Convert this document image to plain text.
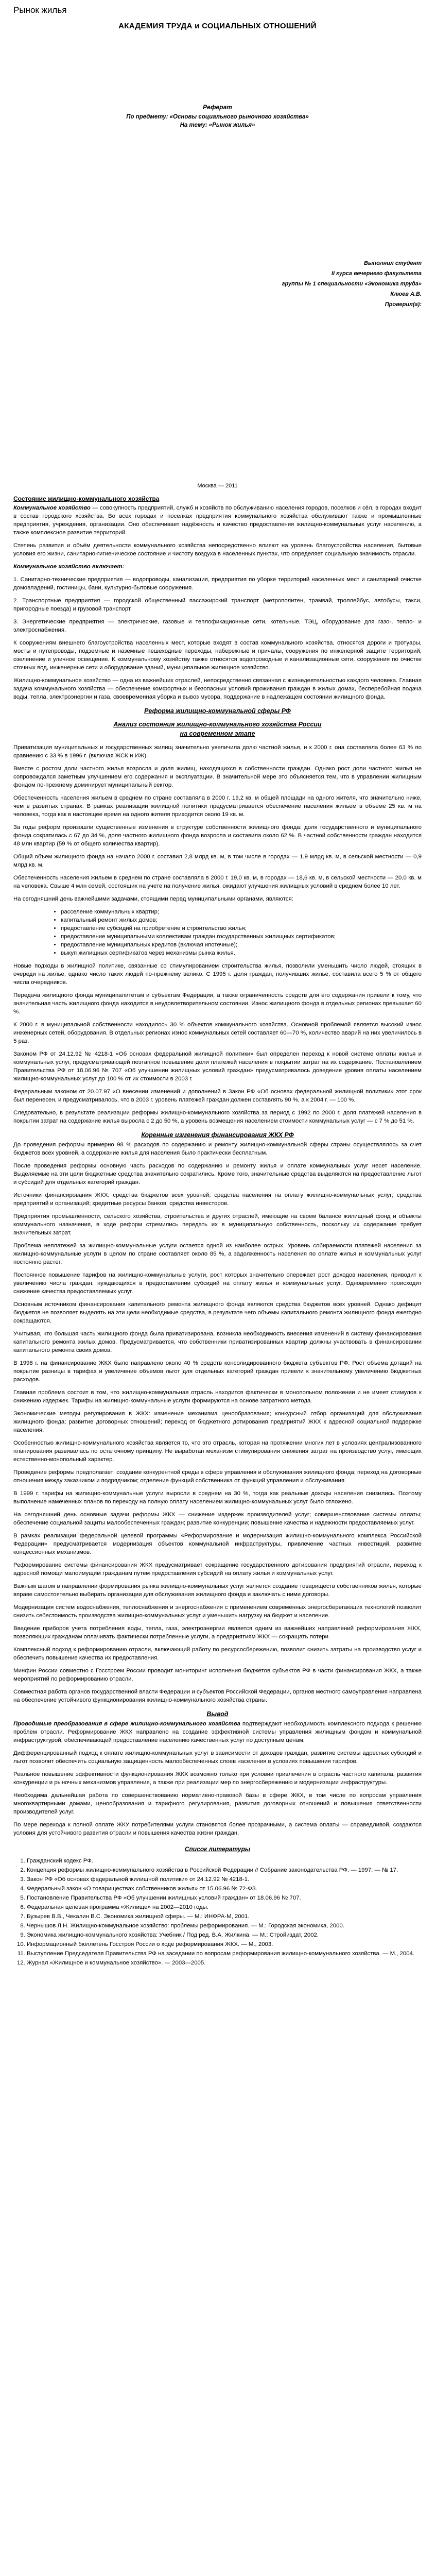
Рынок жилья
АКАДЕМИЯ ТРУДА и СОЦИАЛЬНЫХ ОТНОШЕНИЙ
Реферат
По предмету: «Основы социального рыночного хозяйства»
На тему: «Рынок жилья»
Выполнил студент
II курса вечернего факультета
группы № 1 специальности «Экономика труда»
Клюев А.В.
Проверил(а):
Москва — 2011
Состояние жилищно-коммунального хозяйства

Коммунальное хозяйство — совокупность предприятий, служб и хозяйств по обслуживанию населения городов, поселков и сёл, в городах входит в состав городского хозяйства. Во всех городах и поселках предприятия коммунального хозяйства обслуживают также и промышленные предприятия, учреждения, организации. Оно обеспечивает надёжность и качество предоставления жилищно-коммунальных услуг населению, а также комплексное развитие территорий.

Степень развития и объём деятельности коммунального хозяйства непосредственно влияют на уровень благоустройства населения, бытовые условия его жизни, санитарно-гигиеническое состояние и чистоту воздуха в населенных пунктах, что определяет социальную значимость отрасли.

Коммунальное хозяйство включает:

1. Санитарно-технические предприятия — водопроводы, канализация, предприятия по уборке территорий населенных мест и санитарной очистке домовладений, гостиницы, бани, культурно-бытовые сооружения.

2. Транспортные предприятия — городской общественный пассажирский транспорт (метрополитен, трамвай, троллейбус, автобусы, такси, пригородные поезда) и грузовой транспорт.

3. Энергетические предприятия — электрические, газовые и теплофикационные сети, котельные, ТЭЦ, оборудование для газо-, тепло- и электроснабжения.

К сооружениям внешнего благоустройства населенных мест, которые входят в состав коммунального хозяйства, относятся дороги и тротуары, мосты и путепроводы, подземные и наземные пешеходные переходы, набережные и причалы, сооружения по инженерной защите территорий, озеленение и уличное освещение. К коммунальному хозяйству также относятся водопроводные и канализационные сети, сооружения по очистке сточных вод, инженерные сети и оборудование зданий, муниципальное жилищное хозяйство.

Жилищно-коммунальное хозяйство — одна из важнейших отраслей, непосредственно связанная с жизнедеятельностью каждого человека. Главная задача коммунального хозяйства — обеспечение комфортных и безопасных условий проживания граждан в жилых домах, бесперебойная подача воды, тепла, электроэнергии и газа, своевременная уборка и вывоз мусора, поддержание в надлежащем состоянии жилищного фонда.

Реформа жилищно-коммунальной сферы РФ
Анализ состояния жилищно-коммунального хозяйства России
на современном этапе

Приватизация муниципальных и государственных жилищ значительно увеличила долю частной жилья, и к 2000 г. она составляла более 63 % по сравнению с 33 % в 1996 г. (включая ЖСК и ИЖ).

Вместе с ростом доли частного жилья возросла и доля жилищ, находящихся в собственности граждан. Однако рост доли частного жилья не сопровождался заметным улучшением его содержания и эксплуатации. В значительной мере это объясняется тем, что в управлении жилищным фондом по-прежнему доминирует муниципальный сектор.

Обеспеченность населения жильем в среднем по стране составляла в 2000 г. 19,2 кв. м общей площади на одного жителя, что значительно ниже, чем в развитых странах. В рамках реализации жилищной политики предусматривается обеспечение населения жильем в объеме 25 кв. м на человека, тогда как в настоящее время на одного жителя приходится около 19 кв. м.

За годы реформ произошли существенные изменения в структуре собственности жилищного фонда: доля государственного и муниципального фонда сократилась с 67 до 34 %, доля частного жилищного фонда возросла и составила около 62 %. В частной собственности граждан находится 48 млн квартир (59 % от общего количества квартир).

Общий объем жилищного фонда на начало 2000 г. составил 2,8 млрд кв. м, в том числе в городах — 1,9 млрд кв. м, в сельской местности — 0,9 млрд кв. м.

Обеспеченность населения жильем в среднем по стране составляла в 2000 г. 19,0 кв. м, в городах — 18,6 кв. м, в сельской местности — 20,0 кв. м на человека. Свыше 4 млн семей, состоящих на учете на получение жилья, ожидают улучшения жилищных условий в среднем более 10 лет.

На сегодняшний день важнейшими задачами, стоящими перед муниципальными органами, являются:

• расселение коммунальных квартир;
• капитальный ремонт жилых домов;
• предоставление субсидий на приобретение и строительство жилья;
• предоставление муниципальными коллективам граждан государственных жилищных сертификатов;
• предоставление муниципальных кредитов (включая ипотечные);
• выкуп жилищных сертификатов через механизмы рынка жилья.

Новые подходы в жилищной политике, связанные со стимулированием строительства жилья, позволили уменьшить число людей, стоящих в очереди на жилье, однако число таких людей по-прежнему велико. С 1995 г. доля граждан, получивших жилье, составила всего 5 % от общего числа очередников.

Передача жилищного фонда муниципалитетам и субъектам Федерации, а также ограниченность средств для его содержания привели к тому, что значительная часть жилищного фонда находится в неудовлетворительном состоянии. Износ жилищного фонда в отдельных регионах превышает 60 %.

К 2000 г. в муниципальной собственности находилось 30 % объектов коммунального хозяйства. Основной проблемой является высокий износ инженерных сетей, оборудования. В отдельных регионах износ коммунальных сетей составляет 60—70 %, количество аварий на них увеличилось в 5 раз.

Законом РФ от 24.12.92 № 4218-1 «Об основах федеральной жилищной политики» был определен переход к новой системе оплаты жилья и коммунальных услуг, предусматривающей поэтапное повышение доли платежей населения в покрытии затрат на их содержание. Постановлением Правительства РФ от 18.06.96 № 707 «Об улучшении жилищных условий граждан» предусматривалось доведение уровня оплаты населением жилищно-коммунальных услуг до 100 % от их стоимости в 2003 г.

Федеральным законом от 20.07.97 «О внесении изменений и дополнений в Закон РФ «Об основах федеральной жилищной политики» этот срок был перенесен, и предусматривалось, что в 2003 г. уровень платежей граждан должен составлять 90 %, а к 2004 г. — 100 %.

Следовательно, в результате реализации реформы жилищно-коммунального хозяйства за период с 1992 по 2000 г. доля платежей населения в покрытии затрат на содержание жилья выросла с 2 до 50 %, а уровень возмещения населением стоимости коммунальных услуг — с 7 % до 51 %.

Коренные изменения финансирования ЖКХ РФ

До проведения реформы примерно 98 % расходов по содержанию и ремонту жилищно-коммунальной сферы страны осуществлялось за счет бюджетов всех уровней, а содержание жилья для населения было практически бесплатным.

После проведения реформы основную часть расходов по содержанию и ремонту жилья и оплате коммунальных услуг несет население. Выделяемые на эти цели бюджетные средства значительно сократились. Кроме того, значительные средства выделяются на предоставление льгот и субсидий для отдельных категорий граждан.

Источники финансирования ЖКХ: средства бюджетов всех уровней; средства населения на оплату жилищно-коммунальных услуг; средства предприятий и организаций; кредитные ресурсы банков; средства инвесторов.

Предприятия промышленности, сельского хозяйства, строительства и других отраслей, имеющие на своем балансе жилищный фонд и объекты коммунального назначения, в ходе реформ стремились передать их в муниципальную собственность, поскольку их содержание требует значительных затрат.

Проблема неплатежей за жилищно-коммунальные услуги остается одной из наиболее острых. Уровень собираемости платежей населения за жилищно-коммунальные услуги в целом по стране составляет около 85 %, а задолженность населения по оплате жилья и коммунальных услуг постоянно растет.

Постоянное повышение тарифов на жилищно-коммунальные услуги, рост которых значительно опережает рост доходов населения, приводит к увеличению числа граждан, нуждающихся в предоставлении субсидий на оплату жилья и коммунальных услуг. Одновременно происходит снижение качества предоставляемых услуг.

Основным источником финансирования капитального ремонта жилищного фонда являются средства бюджетов всех уровней. Однако дефицит бюджетов не позволяет выделять на эти цели необходимые средства, в результате чего объемы капитального ремонта жилищного фонда ежегодно сокращаются.

Учитывая, что большая часть жилищного фонда была приватизирована, возникла необходимость внесения изменений в систему финансирования капитального ремонта жилых домов. Предусматривается, что собственники приватизированных квартир должны участвовать в финансировании капитального ремонта своих домов.

В 1998 г. на финансирование ЖКХ было направлено около 40 % средств консолидированного бюджета субъектов РФ. Рост объема дотаций на покрытие разницы в тарифах и увеличение объемов льгот для отдельных категорий граждан привели к значительному увеличению бюджетных расходов.

Главная проблема состоит в том, что жилищно-коммунальная отрасль находится фактически в монопольном положении и не имеет стимулов к снижению издержек. Тарифы на жилищно-коммунальные услуги формируются на основе затратного метода.

Экономические методы регулирования в ЖКХ: изменение механизма ценообразования; конкурсный отбор организаций для обслуживания жилищного фонда; развитие договорных отношений; переход от бюджетного дотирования предприятий ЖКХ к адресной социальной поддержке населения.

Особенностью жилищно-коммунального хозяйства является то, что это отрасль, которая на протяжении многих лет в условиях централизованного планирования развивалась по остаточному принципу. Не выработан механизм стимулирования снижения затрат на производство услуг, имеющих естественно-монопольный характер.

Проведение реформы предполагает: создание конкурентной среды в сфере управления и обслуживания жилищного фонда; переход на договорные отношения между заказчиком и подрядчиком; отделение функций собственника от функций управления и обслуживания.

В 1999 г. тарифы на жилищно-коммунальные услуги выросли в среднем на 30 %, тогда как реальные доходы населения снизились. Поэтому выполнение намеченных планов по переходу на полную оплату населением жилищно-коммунальных услуг было отложено.

На сегодняшний день основные задачи реформы ЖКХ — снижение издержек производителей услуг; совершенствование системы оплаты; обеспечение социальной защиты малообеспеченных граждан; развитие конкуренции; повышение качества и надежности предоставляемых услуг.

В рамках реализации федеральной целевой программы «Реформирование и модернизация жилищно-коммунального комплекса Российской Федерации» предусматривается модернизация объектов коммунальной инфраструктуры, привлечение частных инвестиций, развитие концессионных механизмов.

Реформирование системы финансирования ЖКХ предусматривает сокращение государственного дотирования предприятий отрасли, переход к адресной помощи малоимущим гражданам путем предоставления субсидий на оплату жилья и коммунальных услуг.

Важным шагом в направлении формирования рынка жилищно-коммунальных услуг является создание товариществ собственников жилья, которые вправе самостоятельно выбирать организации для обслуживания жилищного фонда и заключать с ними договоры.

Модернизация систем водоснабжения, теплоснабжения и энергоснабжения с применением современных энергосберегающих технологий позволит снизить себестоимость производства жилищно-коммунальных услуг и уменьшить нагрузку на бюджет и население.

Введение приборов учета потребления воды, тепла, газа, электроэнергии является одним из важнейших направлений реформирования ЖКХ, позволяющих гражданам оплачивать фактически потребленные услуги, а предприятиям ЖКХ — сокращать потери.

Комплексный подход к реформированию отрасли, включающий работу по ресурсосбережению, позволит снизить затраты на производство услуг и обеспечить повышение качества их предоставления.

Минфин России совместно с Госстроем России проводит мониторинг исполнения бюджетов субъектов РФ в части финансирования ЖКХ, а также мероприятий по реформированию отрасли.

Совместная работа органов государственной власти Федерации и субъектов Российской Федерации, органов местного самоуправления направлена на обеспечение устойчивого функционирования жилищно-коммунального хозяйства страны.

Вывод

Проводимые преобразования в сфере жилищно-коммунального хозяйства подтверждают необходимость комплексного подхода к решению проблем отрасли. Реформирование ЖКХ направлено на создание эффективной системы управления жилищным фондом и коммунальной инфраструктурой, обеспечивающей предоставление населению качественных услуг по доступным ценам.

Дифференцированный подход к оплате жилищно-коммунальных услуг в зависимости от доходов граждан, развитие системы адресных субсидий и льгот позволит обеспечить социальную защищенность малообеспеченных слоев населения в условиях повышения тарифов.

Реальное повышение эффективности функционирования ЖКХ возможно только при условии привлечения в отрасль частного капитала, развития конкуренции и рыночных механизмов управления, а также при реализации мер по энергосбережению и модернизации инфраструктуры.

Необходима дальнейшая работа по совершенствованию нормативно-правовой базы в сфере ЖКХ, в том числе по вопросам управления многоквартирными домами, ценообразования и тарифного регулирования, развития договорных отношений и повышения ответственности производителей услуг.

По мере перехода к полной оплате ЖКУ потребителями услуги становятся более прозрачными, а система оплаты — справедливой, создаются условия для устойчивого развития отрасли и повышения качества жизни граждан.

Список литературы
1. Гражданский кодекс РФ.
2. Концепция реформы жилищно-коммунального хозяйства в Российской Федерации // Собрание законодательства РФ. — 1997. — № 17.
3. Закон РФ «Об основах федеральной жилищной политики» от 24.12.92 № 4218-1.
4. Федеральный закон «О товариществах собственников жилья» от 15.06.96 № 72-ФЗ.
5. Постановление Правительства РФ «Об улучшении жилищных условий граждан» от 18.06.96 № 707.
6. Федеральная целевая программа «Жилище» на 2002—2010 годы.
7. Бузырев В.В., Чекалин В.С. Экономика жилищной сферы. — М.: ИНФРА-М, 2001.
8. Чернышов Л.Н. Жилищно-коммунальное хозяйство: проблемы реформирования. — М.: Городская экономика, 2000.
9. Экономика жилищно-коммунального хозяйства: Учебник / Под ред. В.А. Жилкина. — М.: Стройиздат, 2002.
10. Информационный бюллетень Госстроя России о ходе реформирования ЖКХ. — М., 2003.
11. Выступление Председателя Правительства РФ на заседании по вопросам реформирования жилищно-коммунального хозяйства. — М., 2004.
12. Журнал «Жилищное и коммунальное хозяйство». — 2003—2005.
